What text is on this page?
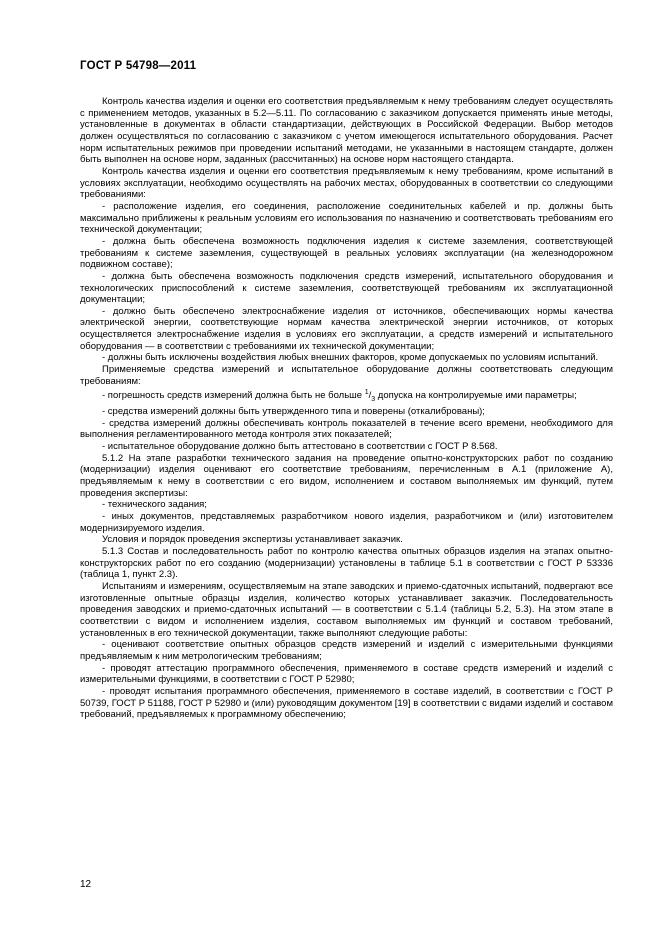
ГОСТ Р 54798—2011

Контроль качества изделия и оценки его соответствия предъявляемым к нему требованиям следует осуществлять с применением методов, указанных в 5.2—5.11. По согласованию с заказчиком допускается применять иные методы, установленные в документах в области стандартизации, действующих в Российской Федерации. Выбор методов должен осуществляться по согласованию с заказчиком с учетом имеющегося испытательного оборудования. Расчет норм испытательных режимов при проведении испытаний методами, не указанными в настоящем стандарте, должен быть выполнен на основе норм, заданных (рассчитанных) на основе норм настоящего стандарта.

Контроль качества изделия и оценки его соответствия предъявляемым к нему требованиям, кроме испытаний в условиях эксплуатации, необходимо осуществлять на рабочих местах, оборудованных в соответствии со следующими требованиями:

- расположение изделия, его соединения, расположение соединительных кабелей и пр. должны быть максимально приближены к реальным условиям его использования по назначению и соответствовать требованиям его технической документации;

- должна быть обеспечена возможность подключения изделия к системе заземления, соответствующей требованиям к системе заземления, существующей в реальных условиях эксплуатации (на железнодорожном подвижном составе);

- должна быть обеспечена возможность подключения средств измерений, испытательного оборудования и технологических приспособлений к системе заземления, соответствующей требованиям их эксплуатационной документации;

- должно быть обеспечено электроснабжение изделия от источников, обеспечивающих нормы качества электрической энергии, соответствующие нормам качества электрической энергии источников, от которых осуществляется электроснабжение изделия в условиях его эксплуатации, а средств измерений и испытательного оборудования — в соответствии с требованиями их технической документации;

- должны быть исключены воздействия любых внешних факторов, кроме допускаемых по условиям испытаний.

Применяемые средства измерений и испытательное оборудование должны соответствовать следующим требованиям:

- погрешность средств измерений должна быть не больше $^1/_3$ допуска на контролируемые ими параметры;

- средства измерений должны быть утвержденного типа и поверены (откалиброваны);

- средства измерений должны обеспечивать контроль показателей в течение всего времени, необходимого для выполнения регламентированного метода контроля этих показателей;

- испытательное оборудование должно быть аттестовано в соответствии с ГОСТ Р 8.568.

5.1.2 На этапе разработки технического задания на проведение опытно-конструкторских работ по созданию (модернизации) изделия оценивают его соответствие требованиям, перечисленным в А.1 (приложение А), предъявляемым к нему в соответствии с его видом, исполнением и составом выполняемых им функций, путем проведения экспертизы:

- технического задания;

- иных документов, представляемых разработчиком нового изделия, разработчиком и (или) изготовителем модернизируемого изделия.

Условия и порядок проведения экспертизы устанавливает заказчик.

5.1.3 Состав и последовательность работ по контролю качества опытных образцов изделия на этапах опытно-конструкторских работ по его созданию (модернизации) установлены в таблице 5.1 в соответствии с ГОСТ Р 53336 (таблица 1, пункт 2.3).

Испытаниям и измерениям, осуществляемым на этапе заводских и приемо-сдаточных испытаний, подвергают все изготовленные опытные образцы изделия, количество которых устанавливает заказчик. Последовательность проведения заводских и приемо-сдаточных испытаний — в соответствии с 5.1.4 (таблицы 5.2, 5.3). На этом этапе в соответствии с видом и исполнением изделия, составом выполняемых им функций и составом требований, установленных в его технической документации, также выполняют следующие работы:

- оценивают соответствие опытных образцов средств измерений и изделий с измерительными функциями предъявляемым к ним метрологическим требованиям;

- проводят аттестацию программного обеспечения, применяемого в составе средств измерений и изделий с измерительными функциями, в соответствии с ГОСТ Р 52980;

- проводят испытания программного обеспечения, применяемого в составе изделий, в соответствии с ГОСТ Р 50739, ГОСТ Р 51188, ГОСТ Р 52980 и (или) руководящим документом [19] в соответствии с видами изделий и составом требований, предъявляемых к программному обеспечению;

12
